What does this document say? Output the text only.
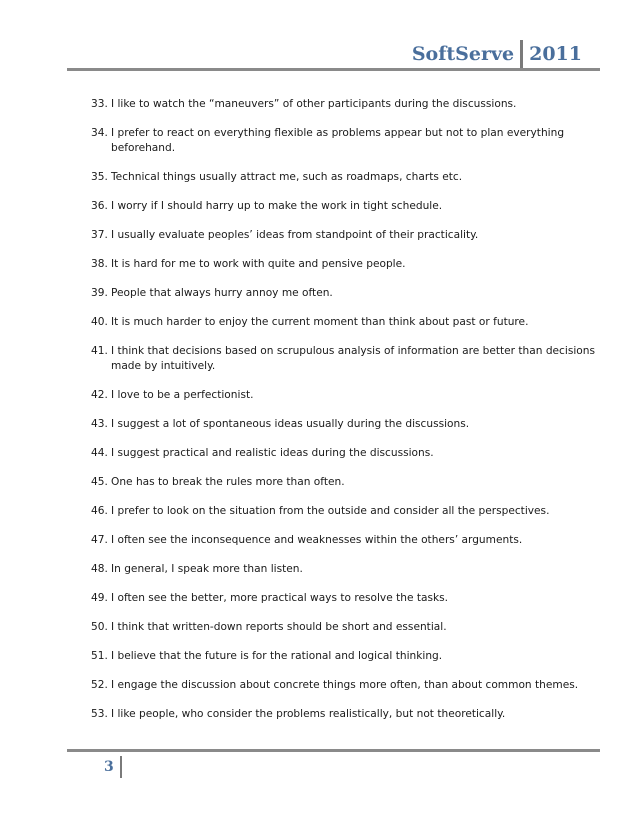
SoftServe 2011
33. I like to watch the “maneuvers” of other participants during the discussions.
34. I prefer to react on everything flexible as problems appear but not to plan everything beforehand.
35. Technical things usually attract me, such as roadmaps, charts etc.
36. I worry if I should harry up to make the work in tight schedule.
37. I usually evaluate peoples’ ideas from standpoint of their practicality.
38. It is hard for me to work with quite and pensive people.
39. People that always hurry annoy me often.
40. It is much harder to enjoy the current moment than think about past or future.
41. I think that decisions based on scrupulous analysis of information are better than decisions made by intuitively.
42. I love to be a perfectionist.
43. I suggest a lot of spontaneous ideas usually during the discussions.
44. I suggest practical and realistic ideas during the discussions.
45. One has to break the rules more than often.
46. I prefer to look on the situation from the outside and consider all the perspectives.
47. I often see the inconsequence and weaknesses within the others’ arguments.
48. In general, I speak more than listen.
49. I often see the better, more practical ways to resolve the tasks.
50. I think that written-down reports should be short and essential.
51. I believe that the future is for the rational and logical thinking.
52. I engage the discussion about concrete things more often, than about common themes.
53. I like people, who consider the problems realistically, but not theoretically.
3
